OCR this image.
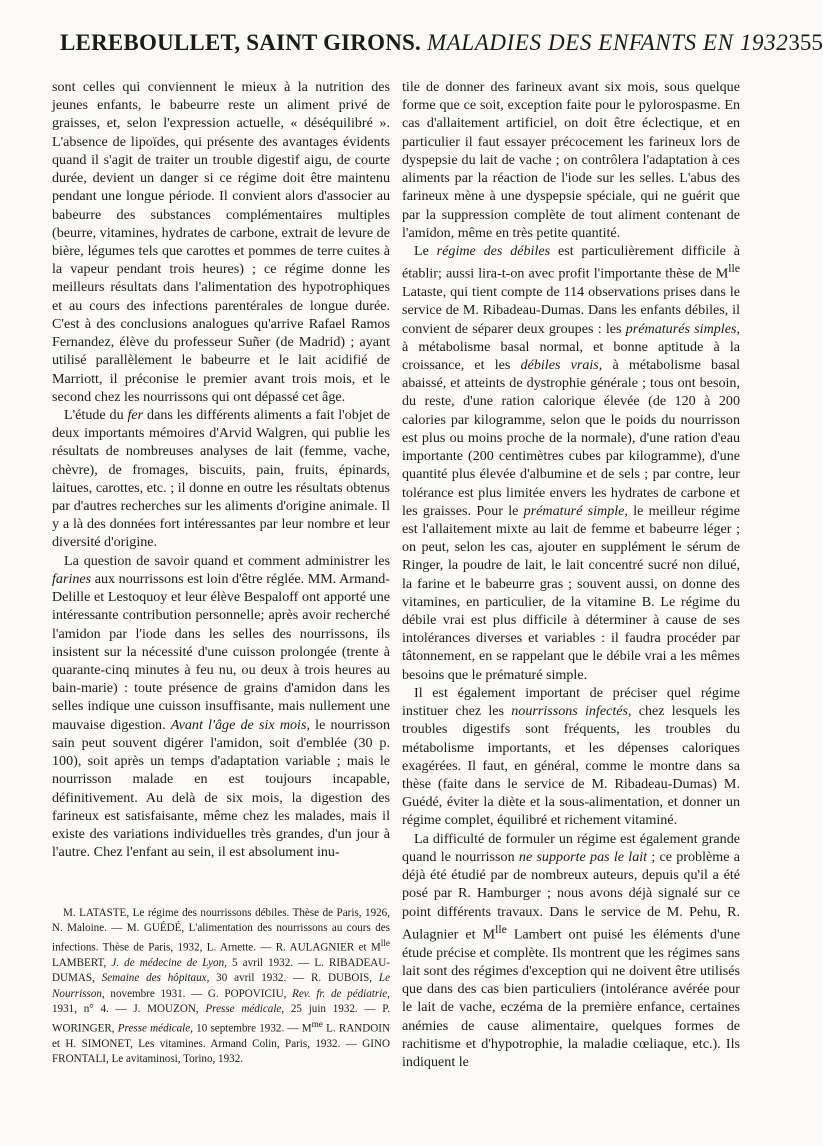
LEREBOULLET, SAINT GIRONS. MALADIES DES ENFANTS EN 1932 355

sont celles qui conviennent le mieux à la nutrition des jeunes enfants, le babeurre reste un aliment privé de graisses, et, selon l'expression actuelle, « déséquilibré ». L'absence de lipoïdes, qui présente des avantages évidents quand il s'agit de traiter un trouble digestif aigu, de courte durée, devient un danger si ce régime doit être maintenu pendant une longue période. Il convient alors d'associer au babeurre des substances complémentaires multiples (beurre, vitamines, hydrates de carbone, extrait de levure de bière, légumes tels que carottes et pommes de terre cuites à la vapeur pendant trois heures) ; ce régime donne les meilleurs résultats dans l'alimentation des hypotrophiques et au cours des infections parentérales de longue durée. C'est à des conclusions analogues qu'arrive Rafael Ramos Fernandez, élève du professeur Suñer (de Madrid) ; ayant utilisé parallèlement le babeurre et le lait acidifié de Marriott, il préconise le premier avant trois mois, et le second chez les nourrissons qui ont dépassé cet âge.

L'étude du fer dans les différents aliments a fait l'objet de deux importants mémoires d'Arvid Walgren, qui publie les résultats de nombreuses analyses de lait (femme, vache, chèvre), de fromages, biscuits, pain, fruits, épinards, laitues, carottes, etc. ; il donne en outre les résultats obtenus par d'autres recherches sur les aliments d'origine animale. Il y a là des données fort intéressantes par leur nombre et leur diversité d'origine.

La question de savoir quand et comment administrer les farines aux nourrissons est loin d'être réglée. MM. Armand-Delille et Lestoquoy et leur élève Bespaloff ont apporté une intéressante contribution personnelle; après avoir recherché l'amidon par l'iode dans les selles des nourrissons, ils insistent sur la nécessité d'une cuisson prolongée (trente à quarante-cinq minutes à feu nu, ou deux à trois heures au bain-marie) : toute présence de grains d'amidon dans les selles indique une cuisson insuffisante, mais nullement une mauvaise digestion. Avant l'âge de six mois, le nourrisson sain peut souvent digérer l'amidon, soit d'emblée (30 p. 100), soit après un temps d'adaptation variable ; mais le nourrisson malade en est toujours incapable, définitivement. Au delà de six mois, la digestion des farineux est satisfaisante, même chez les malades, mais il existe des variations individuelles très grandes, d'un jour à l'autre. Chez l'enfant au sein, il est absolument inu-

tile de donner des farineux avant six mois, sous quelque forme que ce soit, exception faite pour le pylorospasme. En cas d'allaitement artificiel, on doit être éclectique, et en particulier il faut essayer précocement les farineux lors de dyspepsie du lait de vache ; on contrôlera l'adaptation à ces aliments par la réaction de l'iode sur les selles. L'abus des farineux mène à une dyspepsie spéciale, qui ne guérit que par la suppression complète de tout aliment contenant de l'amidon, même en très petite quantité.

Le régime des débiles est particulièrement difficile à établir; aussi lira-t-on avec profit l'importante thèse de $M^{lle}$ Lataste, qui tient compte de 114 observations prises dans le service de M. Ribadeau-Dumas. Dans les enfants débiles, il convient de séparer deux groupes : les prématurés simples, à métabolisme basal normal, et bonne aptitude à la croissance, et les débiles vrais, à métabolisme basal abaissé, et atteints de dystrophie générale ; tous ont besoin, du reste, d'une ration calorique élevée (de 120 à 200 calories par kilogramme, selon que le poids du nourrisson est plus ou moins proche de la normale), d'une ration d'eau importante (200 centimètres cubes par kilogramme), d'une quantité plus élevée d'albumine et de sels ; par contre, leur tolérance est plus limitée envers les hydrates de carbone et les graisses. Pour le prématuré simple, le meilleur régime est l'allaitement mixte au lait de femme et babeurre léger ; on peut, selon les cas, ajouter en supplément le sérum de Ringer, la poudre de lait, le lait concentré sucré non dilué, la farine et le babeurre gras ; souvent aussi, on donne des vitamines, en particulier, de la vitamine B. Le régime du débile vrai est plus difficile à déterminer à cause de ses intolérances diverses et variables : il faudra procéder par tâtonnement, en se rappelant que le débile vrai a les mêmes besoins que le prématuré simple.

Il est également important de préciser quel régime instituer chez les nourrissons infectés, chez lesquels les troubles digestifs sont fréquents, les troubles du métabolisme importants, et les dépenses caloriques exagérées. Il faut, en général, comme le montre dans sa thèse (faite dans le service de M. Ribadeau-Dumas) M. Guédé, éviter la diète et la sous-alimentation, et donner un régime complet, équilibré et richement vitaminé.

La difficulté de formuler un régime est également grande quand le nourrisson ne supporte pas le lait ; ce problème a déjà été étudié par de nombreux auteurs, depuis qu'il a été posé par R. Hamburger ; nous avons déjà signalé sur ce point différents travaux. Dans le service de M. Pehu, R. Aulagnier et $M^{lle}$ Lambert ont puisé les éléments d'une étude précise et complète. Ils montrent que les régimes sans lait sont des régimes d'exception qui ne doivent être utilisés que dans des cas bien particuliers (intolérance avérée pour le lait de vache, eczéma de la première enfance, certaines anémies de cause alimentaire, quelques formes de rachitisme et d'hypotrophie, la maladie cœliaque, etc.). Ils indiquent le

M. LATASTE, Le régime des nourrissons débiles. Thèse de Paris, 1926, N. Maloine. — M. GUÉDÉ, L'alimentation des nourrissons au cours des infections. Thèse de Paris, 1932, L. Arnette. — R. AULAGNIER et $M^{lle}$ LAMBERT, J. de médecine de Lyon, 5 avril 1932. — L. RIBADEAU-DUMAS, Semaine des hôpitaux, 30 avril 1932. — R. DUBOIS, Le Nourrisson, novembre 1931. — G. POPOVICIU, Rev. fr. de pédiatrie, 1931, n° 4. — J. MOUZON, Presse médicale, 25 juin 1932. — P. WORINGER, Presse médicale, 10 septembre 1932. — $M^{me}$ L. RANDOIN et H. SIMONET, Les vitamines. Armand Colin, Paris, 1932. — GINO FRONTALI, Le avitaminosi, Torino, 1932.
